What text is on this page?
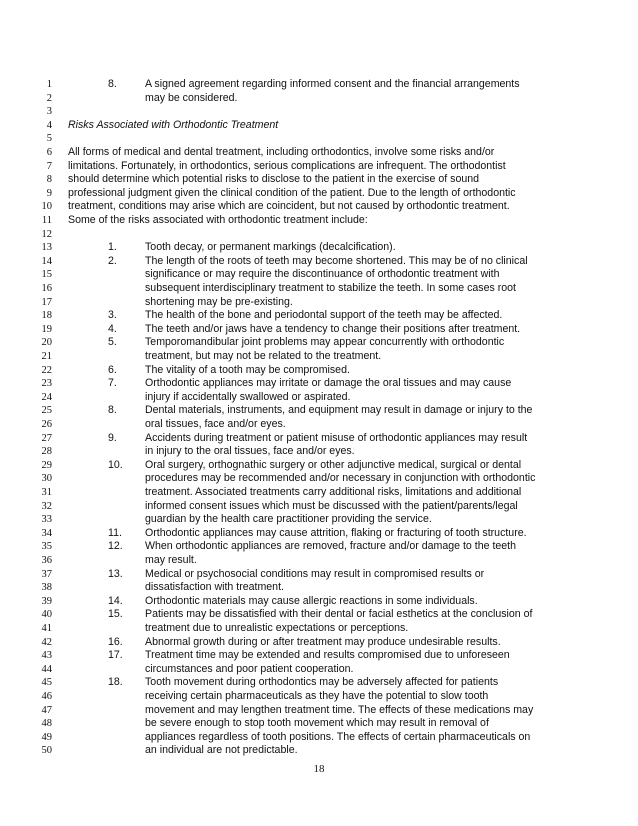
1	8.	A signed agreement regarding informed consent and the financial arrangements
2	may be considered.
3
4 Risks Associated with Orthodontic Treatment
5
6 All forms of medical and dental treatment, including orthodontics, involve some risks and/or
7 limitations. Fortunately, in orthodontics, serious complications are infrequent. The orthodontist
8 should determine which potential risks to disclose to the patient in the exercise of sound
9 professional judgment given the clinical condition of the patient. Due to the length of orthodontic
10 treatment, conditions may arise which are coincident, but not caused by orthodontic treatment.
11 Some of the risks associated with orthodontic treatment include:
12
13	1.	Tooth decay, or permanent markings (decalcification).
14	2.	The length of the roots of teeth may become shortened. This may be of no clinical
15	significance or may require the discontinuance of orthodontic treatment with
16	subsequent interdisciplinary treatment to stabilize the teeth. In some cases root
17	shortening may be pre-existing.
18	3.	The health of the bone and periodontal support of the teeth may be affected.
19	4.	The teeth and/or jaws have a tendency to change their positions after treatment.
20	5.	Temporomandibular joint problems may appear concurrently with orthodontic
21	treatment, but may not be related to the treatment.
22	6.	The vitality of a tooth may be compromised.
23	7.	Orthodontic appliances may irritate or damage the oral tissues and may cause
24	injury if accidentally swallowed or aspirated.
25	8.	Dental materials, instruments, and equipment may result in damage or injury to the
26	oral tissues, face and/or eyes.
27	9.	Accidents during treatment or patient misuse of orthodontic appliances may result
28	in injury to the oral tissues, face and/or eyes.
29	10. Oral surgery, orthognathic surgery or other adjunctive medical, surgical or dental
30	procedures may be recommended and/or necessary in conjunction with orthodontic
31	treatment. Associated treatments carry additional risks, limitations and additional
32	informed consent issues which must be discussed with the patient/parents/legal
33	guardian by the health care practitioner providing the service.
34	11. Orthodontic appliances may cause attrition, flaking or fracturing of tooth structure.
35	12. When orthodontic appliances are removed, fracture and/or damage to the teeth
36	may result.
37	13. Medical or psychosocial conditions may result in compromised results or
38	dissatisfaction with treatment.
39	14. Orthodontic materials may cause allergic reactions in some individuals.
40	15. Patients may be dissatisfied with their dental or facial esthetics at the conclusion of
41	treatment due to unrealistic expectations or perceptions.
42	16. Abnormal growth during or after treatment may produce undesirable results.
43	17. Treatment time may be extended and results compromised due to unforeseen
44	circumstances and poor patient cooperation.
45	18. Tooth movement during orthodontics may be adversely affected for patients
46	receiving certain pharmaceuticals as they have the potential to slow tooth
47	movement and may lengthen treatment time. The effects of these medications may
48	be severe enough to stop tooth movement which may result in removal of
49	appliances regardless of tooth positions. The effects of certain pharmaceuticals on
50	an individual are not predictable.
18
